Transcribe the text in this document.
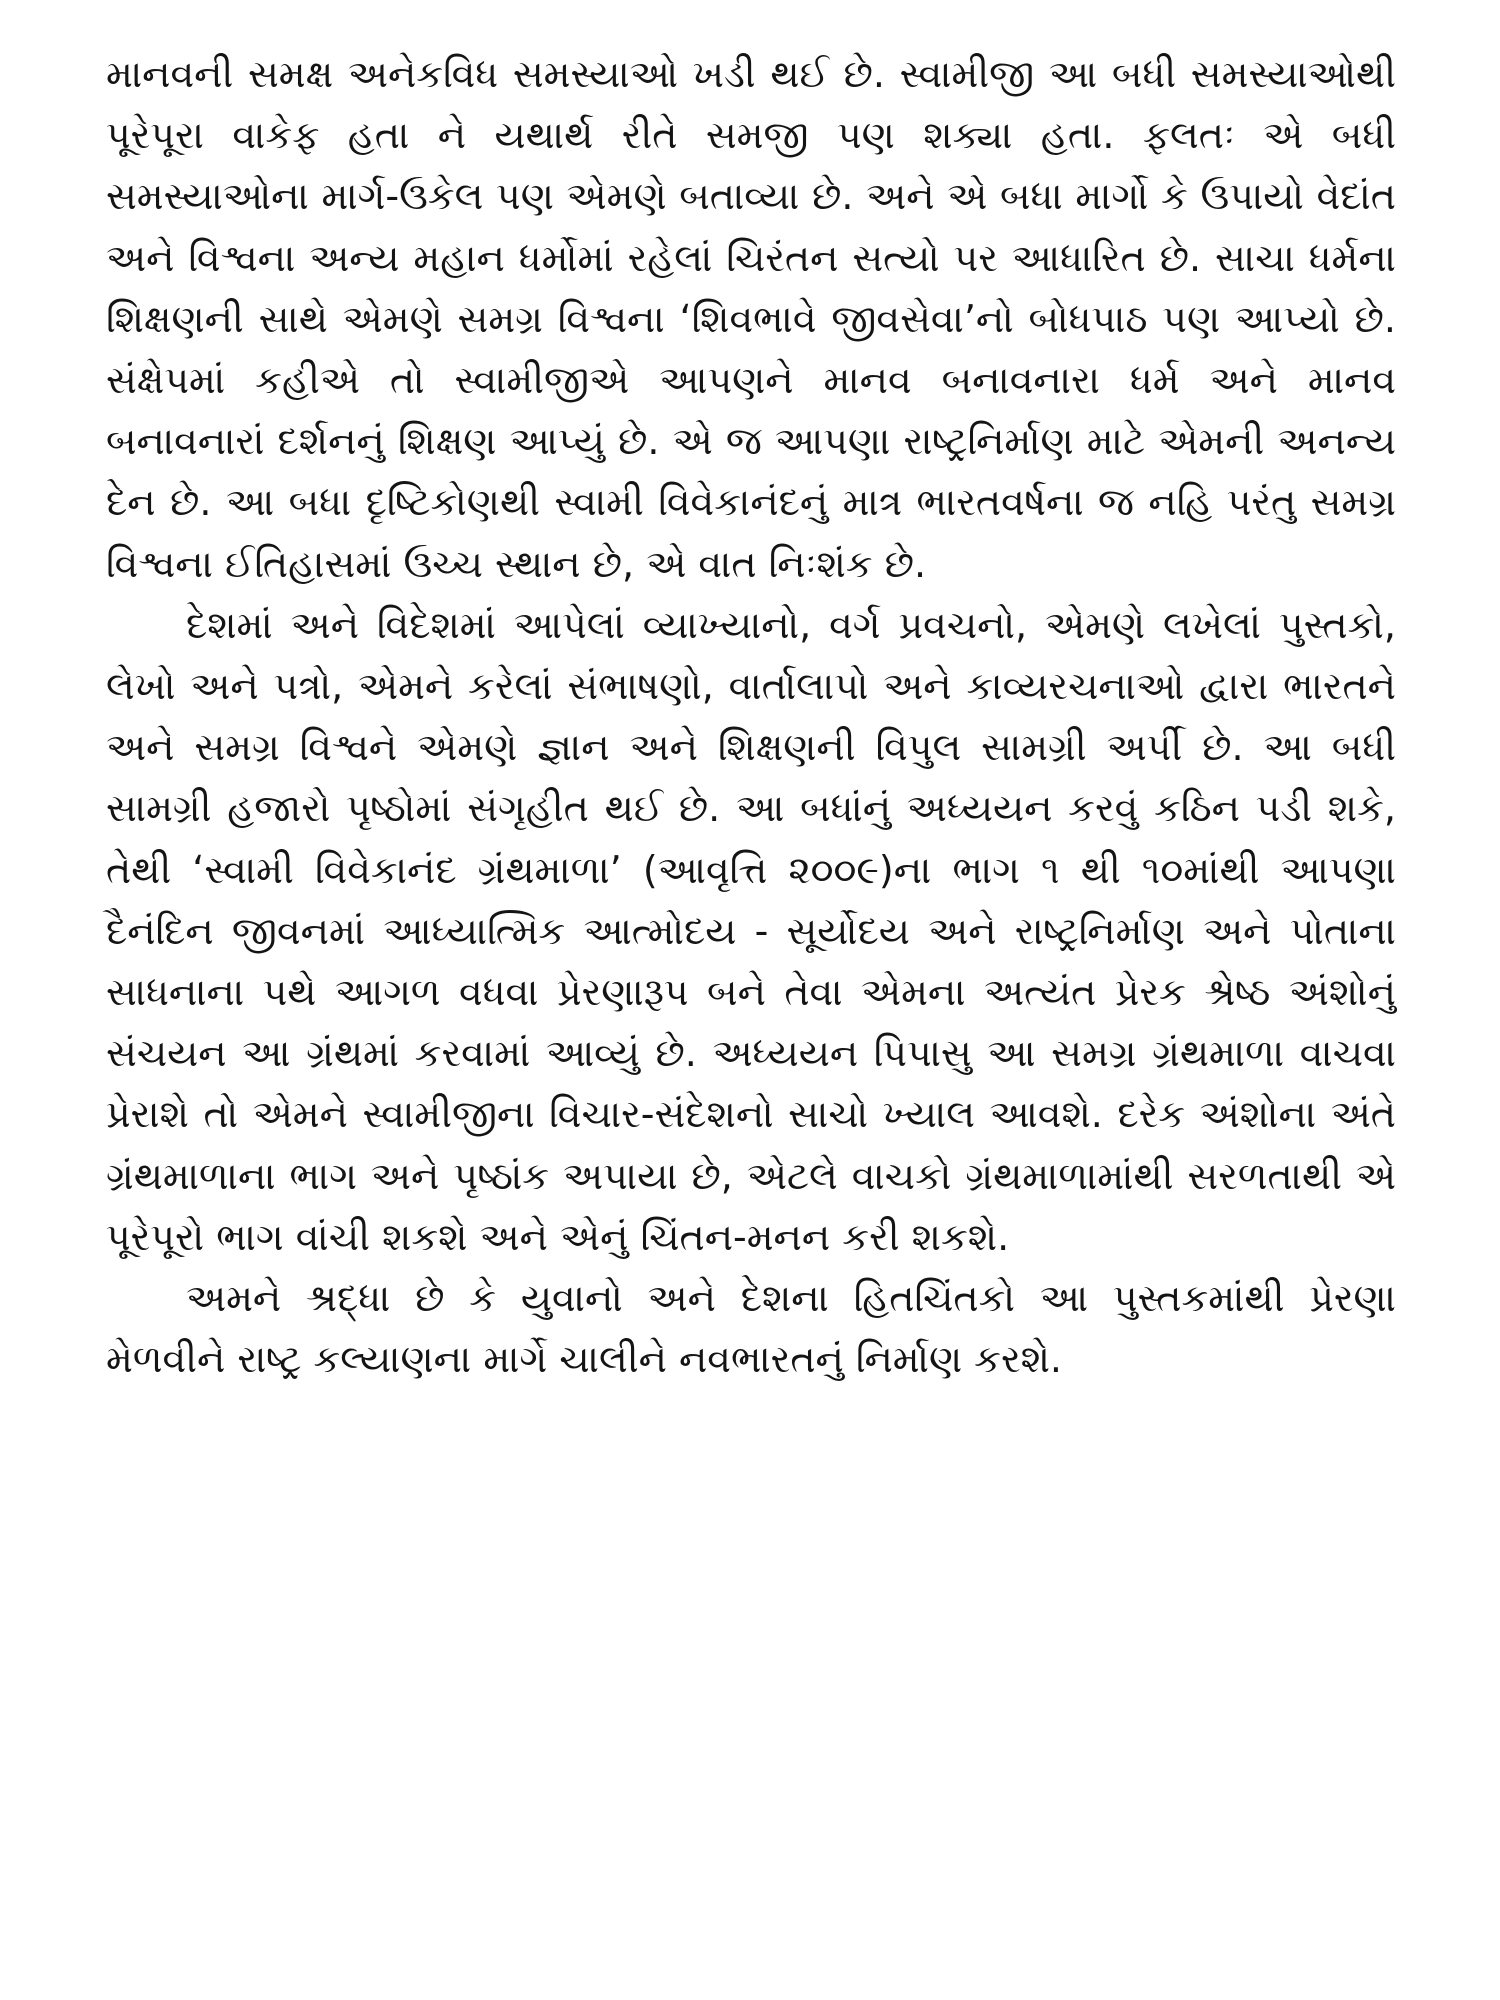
માનવની સમક્ષ અનેકવિધ સમસ્યાઓ ખડી થઈ છે. સ્વામીજી આ બધી સમસ્યાઓથી પૂરેપૂરા વાકેફ હતા ને યથાર્થ રીતે સમજી પણ શક્યા હતા. ફલતઃ એ બધી સમસ્યાઓના માર્ગ-ઉકેલ પણ એમણે બતાવ્યા છે. અને એ બધા માર્ગો કે ઉપાયો વેદાંત અને વિશ્વના અન્ય મહાન ધર્મોમાં રહેલાં ચિરંતન સત્યો પર આધારિત છે. સાચા ધર્મના શિક્ષણની સાથે એમણે સમગ્ર વિશ્વના ‘શિવભાવે જીવસેવા’નો બોધપાઠ પણ આપ્યો છે. સંક્ષેપમાં કહીએ તો સ્વામીજીએ આપણને માનવ બનાવનારા ધર્મ અને માનવ બનાવનારાં દર્શનનું શિક્ષણ આપ્યું છે. એ જ આપણા રાષ્ટ્રનિર્માણ માટે એમની અનન્ય દેન છે. આ બધા દૃષ્ટિકોણથી સ્વામી વિવેકાનંદનું માત્ર ભારતવર્ષના જ નહિ પરંતુ સમગ્ર વિશ્વના ઈતિહાસમાં ઉચ્ચ સ્થાન છે, એ વાત નિઃશંક છે.

દેશમાં અને વિદેશમાં આપેલાં વ્યાખ્યાનો, વર્ગ પ્રવચનો, એમણે લખેલાં પુસ્તકો, લેખો અને પત્રો, એમને કરેલાં સંભાષણો, વાર્તાલાપો અને કાવ્યરચનાઓ દ્વારા ભારતને અને સમગ્ર વિશ્વને એમણે જ્ઞાન અને શિક્ષણની વિપુલ સામગ્રી અર્પી છે. આ બધી સામગ્રી હજારો પૃષ્ઠોમાં સંગૃહીત થઈ છે. આ બધાંનું અધ્યયન કરવું કઠિન પડી શકે, તેથી ‘સ્વામી વિવેકાનંદ ગ્રંથમાળા’ (આવૃત્તિ ૨૦૦૯)ના ભાગ ૧ થી ૧૦માંથી આપણા દૈનંદિન જીવનમાં આધ્યાત્મિક આત્મોદય - સૂર્યોદય અને રાષ્ટ્રનિર્માણ અને પોતાના સાધનાના પથે આગળ વધવા પ્રેરણારૂપ બને તેવા એમના અત્યંત પ્રેરક શ્રેષ્ઠ અંશોનું સંચયન આ ગ્રંથમાં કરવામાં આવ્યું છે. અધ્યયન પિપાસુ આ સમગ્ર ગ્રંથમાળા વાચવા પ્રેરાશે તો એમને સ્વામીજીના વિચાર-સંદેશનો સાચો ખ્યાલ આવશે. દરેક અંશોના અંતે ગ્રંથમાળાના ભાગ અને પૃષ્ઠાંક અપાયા છે, એટલે વાચકો ગ્રંથમાળામાંથી સરળતાથી એ પૂરેપૂરો ભાગ વાંચી શકશે અને એનું ચિંતન-મનન કરી શકશે.

અમને શ્રદ્ધા છે કે યુવાનો અને દેશના હિતચિંતકો આ પુસ્તકમાંથી પ્રેરણા મેળવીને રાષ્ટ્ર કલ્યાણના માર્ગે ચાલીને નવભારતનું નિર્માણ કરશે.
